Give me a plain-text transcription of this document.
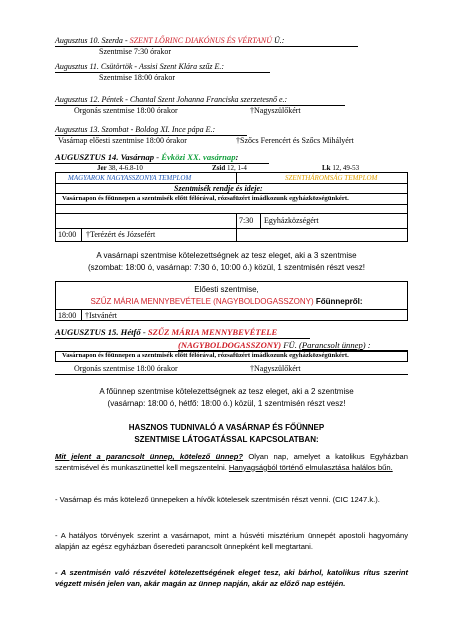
Augusztus 10. Szerda - SZENT LŐRINC DIAKÓNUS ÉS VÉRTANÚ Ü.:
Szentmise 7:30 órakor
Augusztus 11. Csütörtök - Assisi Szent Klára szűz E.:
Szentmise 18:00 órakor
Augusztus 12. Péntek - Chantal Szent Johanna Franciska szerzetesnő e.:
Orgonás szentmise 18:00 órakor	†Nagyszülőkért
Augusztus 13. Szombat - Boldog XI. Ince pápa E.:
Vasárnap előesti szentmise 18:00 órakor	†Szőcs Ferencért és Szőcs Mihályért
AUGUSZTUS 14. Vasárnap - Évközi XX. vasárnap:
Jer 38, 4-6.8-10	Zsid 12, 1-4	Lk 12, 49-53
MAGYAROK NAGYASSZONYA TEMPLOM	SZENTHÁROMSÁG TEMPLOM
Szentmisék rendje és ideje:
Vasárnapon és főünnepen a szentmisék előtt félórával, rózsafüzért imádkozunk egyházközségünkért.
7:30 Egyházközségért
10:00 †Terézért és Józsefért
A vasárnapi szentmise kötelezettségnek az tesz eleget, aki a 3 szentmise
(szombat: 18:00 ó, vasárnap: 7:30 ó, 10:00 ó.) közül, 1 szentmisén részt vesz!
Előesti szentmise,
SZŰZ MÁRIA MENNYBEVÉTELE (NAGYBOLDOGASSZONY) Főünnepről:
18:00 †Istvánért
AUGUSZTUS 15. Hétfő - SZŰZ MÁRIA MENNYBEVÉTELE
(NAGYBOLDOGASSZONY) FÜ. (Parancsolt ünnep) :
Vasárnapon és főünnepen a szentmisék előtt félórával, rózsafüzért imádkozunk egyházközségünkért.
Orgonás szentmise 18:00 órakor	†Nagyszülőkért
A főünnep szentmise kötelezettségnek az tesz eleget, aki a 2 szentmise
(vasárnap: 18:00 ó, hétfő: 18:00 ó.) közül, 1 szentmisén részt vesz!
HASZNOS TUDNIVALÓ A VASÁRNAP ÉS FŐÜNNEP
SZENTMISE LÁTOGATÁSSAL KAPCSOLATBAN:
Mit jelent a parancsolt ünnep, kötelező ünnep? Olyan nap, amelyet a katolikus Egyházban szentmisével és munkaszünettel kell megszentelni. Hanyagságból történő elmulasztása halálos bűn.
- Vasárnap és más kötelező ünnepeken a hívők kötelesek szentmisén részt venni. (CIC 1247.k.).
- A hatályos törvények szerint a vasárnapot, mint a húsvéti misztérium ünnepét apostoli hagyomány alapján az egész egyházban őseredeti parancsolt ünnepként kell megtartani.
- A szentmisén való részvétel kötelezettségének eleget tesz, aki bárhol, katolikus rítus szerint végzett misén jelen van, akár magán az ünnep napján, akár az előző nap estéjén.
